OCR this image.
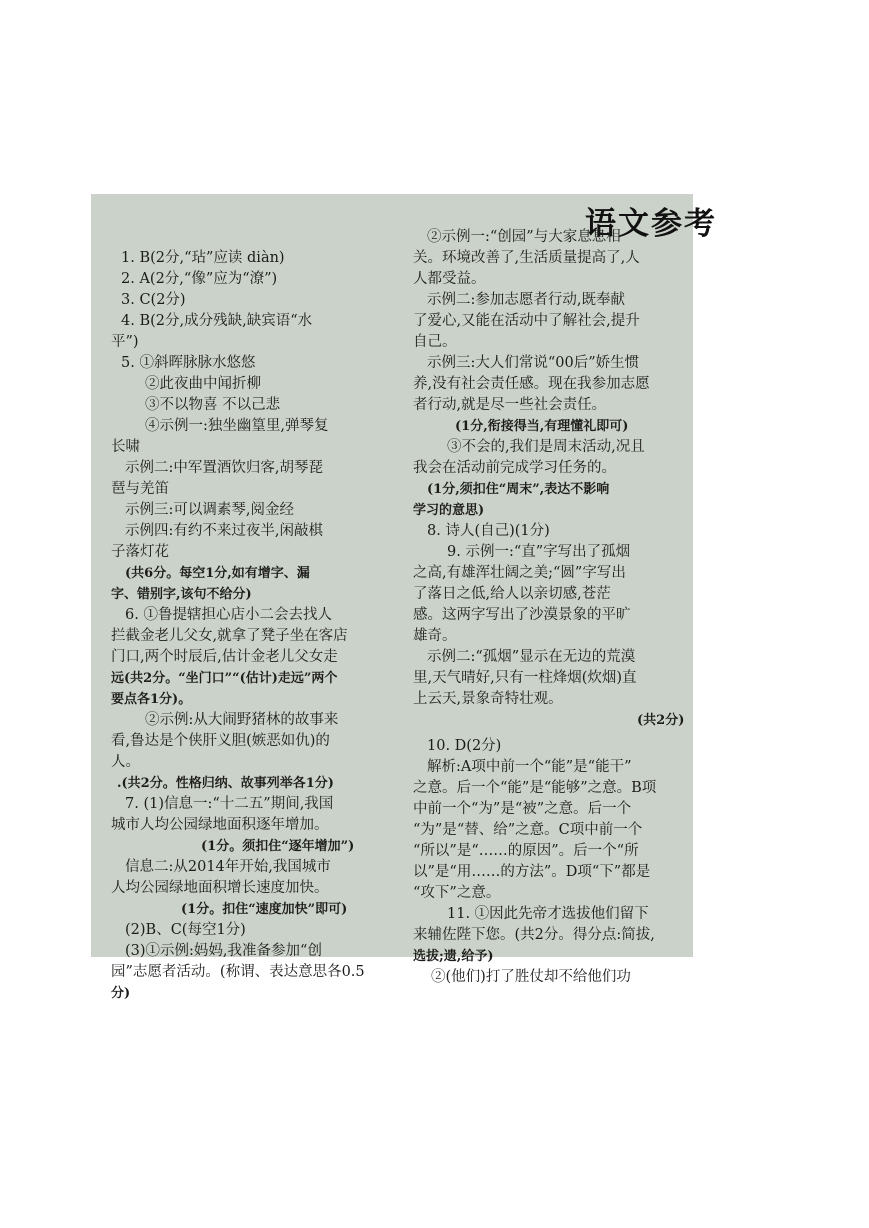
语文参考
1. B(2分,“玷”应读 diàn)
2. A(2分,“像”应为“潦”)
3. C(2分)
4. B(2分,成分残缺,缺宾语“水
平”)
5. ①斜晖脉脉水悠悠
②此夜曲中闻折柳
③不以物喜 不以己悲
④示例一:独坐幽篁里,弹琴复
长啸
示例二:中军置酒饮归客,胡琴琵
琶与羌笛
示例三:可以调素琴,阅金经
示例四:有约不来过夜半,闲敲棋
子落灯花
(共6分。每空1分,如有增字、漏
字、错别字,该句不给分)
6. ①鲁提辖担心店小二会去找人
拦截金老儿父女,就拿了凳子坐在客店
门口,两个时辰后,估计金老儿父女走
远(共2分。“坐门口”“(估计)走远”两个
要点各1分)。
②示例:从大闹野猪林的故事来
看,鲁达是个侠肝义胆(嫉恶如仇)的
人。
.(共2分。性格归纳、故事列举各1分)
7. (1)信息一:“十二五”期间,我国
城市人均公园绿地面积逐年增加。
(1分。须扣住“逐年增加”)
信息二:从2014年开始,我国城市
人均公园绿地面积增长速度加快。
(1分。扣住“速度加快”即可)
(2)B、C(每空1分)
(3)①示例:妈妈,我准备参加“创
园”志愿者活动。(称谓、表达意思各0.5
分)
②示例一:“创园”与大家息息相
关。环境改善了,生活质量提高了,人
人都受益。
示例二:参加志愿者行动,既奉献
了爱心,又能在活动中了解社会,提升
自己。
示例三:大人们常说“00后”娇生惯
养,没有社会责任感。现在我参加志愿
者行动,就是尽一些社会责任。
(1分,衔接得当,有理懂礼即可)
③不会的,我们是周末活动,况且
我会在活动前完成学习任务的。
(1分,须扣住“周末”,表达不影响
学习的意思)
8. 诗人(自己)(1分)
9. 示例一:“直”字写出了孤烟
之高,有雄浑壮阔之美;“圆”字写出
了落日之低,给人以亲切感,苍茫
感。这两字写出了沙漠景象的平旷
雄奇。
示例二:“孤烟”显示在无边的荒漠
里,天气晴好,只有一柱烽烟(炊烟)直
上云天,景象奇特壮观。
(共2分)
10. D(2分)
解析:A项中前一个“能”是“能干”
之意。后一个“能”是“能够”之意。B项
中前一个“为”是“被”之意。后一个
“为”是“替、给”之意。C项中前一个
“所以”是“……的原因”。后一个“所
以”是“用……的方法”。D项“下”都是
“攻下”之意。
11. ①因此先帝才选拔他们留下
来辅佐陛下您。(共2分。得分点:简拔,
选拔;遗,给予)
②(他们)打了胜仗却不给他们功
